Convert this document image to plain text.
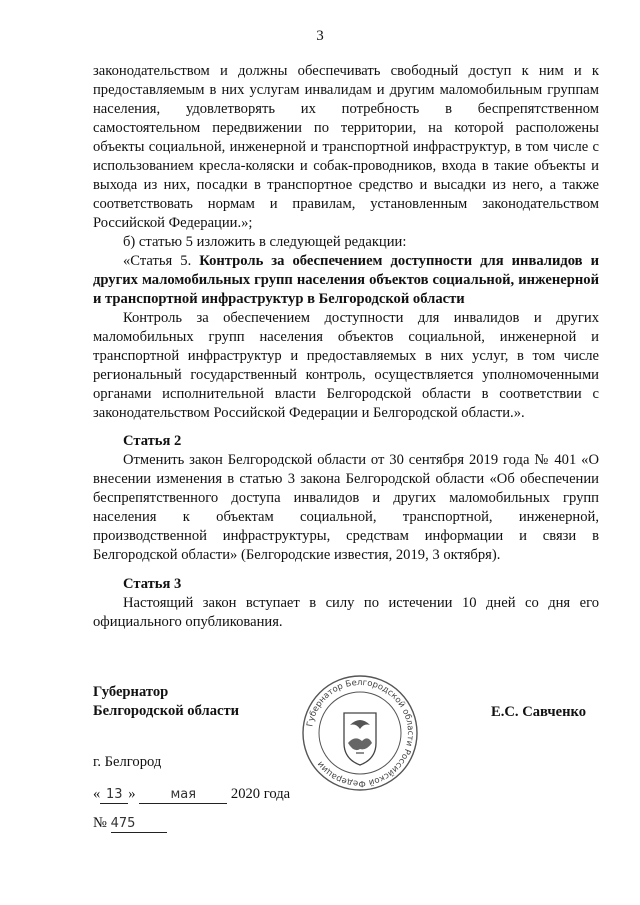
3

законодательством и должны обеспечивать свободный доступ к ним и к предоставляемым в них услугам инвалидам и другим маломобильным группам населения, удовлетворять их потребность в беспрепятственном самостоятельном передвижении по территории, на которой расположены объекты социальной, инженерной и транспортной инфраструктур, в том числе с использованием кресла-коляски и собак-проводников, входа в такие объекты и выхода из них, посадки в транспортное средство и высадки из него, а также соответствовать нормам и правилам, установленным законодательством Российской Федерации.»;

б) статью 5 изложить в следующей редакции:

«Статья 5. Контроль за обеспечением доступности для инвалидов и других маломобильных групп населения объектов социальной, инженерной и транспортной инфраструктур в Белгородской области

Контроль за обеспечением доступности для инвалидов и других маломобильных групп населения объектов социальной, инженерной и транспортной инфраструктур и предоставляемых в них услуг, в том числе региональный государственный контроль, осуществляется уполномоченными органами исполнительной власти Белгородской области в соответствии с законодательством Российской Федерации и Белгородской области.».

Статья 2

Отменить закон Белгородской области от 30 сентября 2019 года № 401 «О внесении изменения в статью 3 закона Белгородской области «Об обеспечении беспрепятственного доступа инвалидов и других маломобильных групп населения к объектам социальной, транспортной, инженерной, производственной инфраструктуры, средствам информации и связи в Белгородской области» (Белгородские известия, 2019, 3 октября).

Статья 3

Настоящий закон вступает в силу по истечении 10 дней со дня его официального опубликования.

Губернатор
Белгородской области
Губернатор Белгородской области Российской Федерации
Е.С. Савченко
г. Белгород
« 13 »	мая 2020 года
№ 475
